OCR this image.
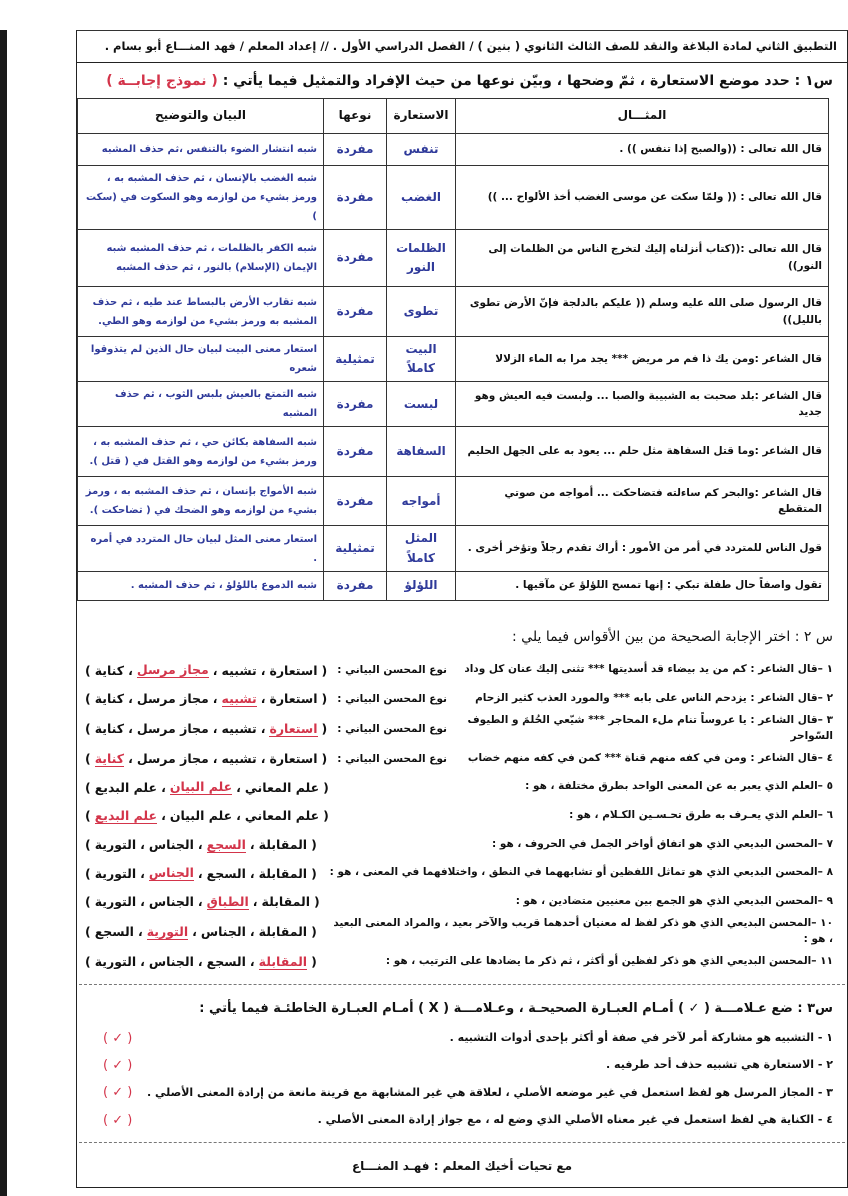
التطبيق الثاني لمادة البلاغة والنقد للصف الثالث الثانوي ( بنين ) / الفصل الدراسي الأول . // إعداد المعلم / فهد المنـــاع أبو بسام .
س١ : حدد موضع الاستعارة ، ثمّ وضحها ، وبيّن نوعها من حيث الإفراد والتمثيل فيما يأتي : ( نموذج إجابــة )
المثـــال	الاستعارة	نوعها	البيان والتوضيح
قال الله تعالى : ((والصبح إذا تنفس )) .	تنفس	مفردة	شبه انتشار الضوء بالتنفس ،ثم حذف المشبه
قال الله تعالى : (( ولمّا سكت عن موسى الغضب أخذ الألواح ... ))	الغضب	مفردة	شبه الغضب بالإنسان ، ثم حذف المشبه به ، ورمز بشيء من لوازمه وهو السكوت في (سكت )
قال الله تعالى :((كتاب أنزلناه إليك لتخرج الناس من الظلمات إلى النور))	الظلمات النور	مفردة	شبه الكفر بالظلمات ، ثم حذف المشبه شبه الإيمان (الإسلام) بالنور ، ثم حذف المشبه
قال الرسول صلى الله عليه وسلم (( عليكم بالدلجة فإنّ الأرض تطوى بالليل))	تطوى	مفردة	شبه تقارب الأرض بالبساط عند طيه ، ثم حذف المشبه به ورمز بشيء من لوازمه وهو الطي.
قال الشاعر :ومن يك ذا فم مر مريض *** يجد مرا به الماء الزلالا	البيت كاملاً	تمثيلية	استعار معنى البيت لبيان حال الذين لم يتذوقوا شعره
قال الشاعر :بلد صحبت به الشبيبة والصبا ... ولبست فيه العيش وهو جديد	لبست	مفردة	شبه التمتع بالعيش بلبس الثوب ، ثم حذف المشبه
قال الشاعر :وما قتل السفاهة مثل حلم ... يعود به على الجهل الحليم	السفاهة	مفردة	شبه السفاهة بكائن حي ، ثم حذف المشبه به ، ورمز بشيء من لوازمه وهو القتل في ( قتل ).
قال الشاعر :والبحر كم ساءلته فتضاحكت ... أمواجه من صوتي المتقطع	أمواجه	مفردة	شبه الأمواج بإنسان ، ثم حذف المشبه به ، ورمز بشيء من لوازمه وهو الضحك في ( تضاحكت ).
قول الناس للمتردد في أمر من الأمور : أراك تقدم رجلاً وتؤخر أخرى .	المثل كاملاً	تمثيلية	استعار معنى المثل لبيان حال المتردد في أمره .
تقول واصفاً حال طفلة تبكي : إنها تمسح اللؤلؤ عن مآقيها .	اللؤلؤ	مفردة	شبه الدموع باللؤلؤ ، ثم حذف المشبه .
س ٢ : اختر الإجابة الصحيحة من بين الأقواس فيما يلي :
١ –قال الشاعر : كم من يد بيضاء قد أسديتها *** تثنى إليك عنان كل وداد
نوع المحسن البياني :
(
استعارة
،
تشبيه
،
مجاز مرسل
،
كناية
)
٢ –قال الشاعر : يزدحم الناس على بابه *** والمورد العذب كثير الزحام
نوع المحسن البياني :
(
استعارة
،
تشبيه
،
مجاز مرسل
،
كناية
)
٣ –قال الشاعر : يا عروساً تنام ملء المحاجر *** شيّعي الحُلمَ و الطيوف السّواحر
نوع المحسن البياني :
(
استعارة
،
تشبيه
،
مجاز مرسل
،
كناية
)
٤ –قال الشاعر : ومن في كفه منهم قناة *** كمن في كفه منهم خضاب
نوع المحسن البياني :
(
استعارة
،
تشبيه
،
مجاز مرسل
،
كناية
)
٥ –العلم الذي يعبر به عن المعنى الواحد بطرق مختلفة ، هو :
(
علم المعاني
،
علم البيان
،
علم البديع
)
٦ –العلم الذي يعـرف به طرق تحـسـين الكـلام ، هو :
(
علم المعاني
،
علم البيان
،
علم البديع
)
٧ –المحسن البديعي الذي هو اتفاق أواخر الجمل في الحروف ، هو :
(
المقابلة
،
السجع
،
الجناس
،
التورية
)
٨ –المحسن البديعي الذي هو تماثل اللفظين أو تشابههما في النطق ، واختلافهما في المعنى ، هو :
(
المقابلة
،
السجع
،
الجناس
،
التورية
)
٩ –المحسن البديعي الذي هو الجمع بين معنيين متضادين ، هو :
(
المقابلة
،
الطباق
،
الجناس
،
التورية
)
١٠ –المحسن البديعي الذي هو ذكر لفظ له معنيان أحدهما قريب والآخر بعيد ، والمراد المعنى البعيد ، هو :
(
المقابلة
،
الجناس
،
التورية
،
السجع
)
١١ –المحسن البديعي الذي هو ذكر لفظين أو أكثر ، ثم ذكر ما يضادها على الترتيب ، هو :
(
المقابلة
،
السجع
،
الجناس
،
التورية
)
س٣ : ضع عـلامـــة ( ✓ ) أمـام العبـارة الصحيحـة ، وعـلامـــة ( X ) أمـام العبـارة الخاطئـة فيما يأتي :
١ - التشبيه هو مشاركة أمر لآخر في صفة أو أكثر بإحدى أدوات التشبيه .
( ✓ )
٢ - الاستعارة هي تشبيه حذف أحد طرفيه .
( ✓ )
٣ - المجاز المرسل هو لفظ استعمل في غير موضعه الأصلي ، لعلاقة هي غير المشابهة مع قرينة مانعة من إرادة المعنى الأصلي .
( ✓ )
٤ - الكناية هي لفظ استعمل في غير معناه الأصلي الذي وضع له ، مع جواز إرادة المعنى الأصلي .
( ✓ )
مع تحيات أخيك المعلم : فهـد المنـــاع
